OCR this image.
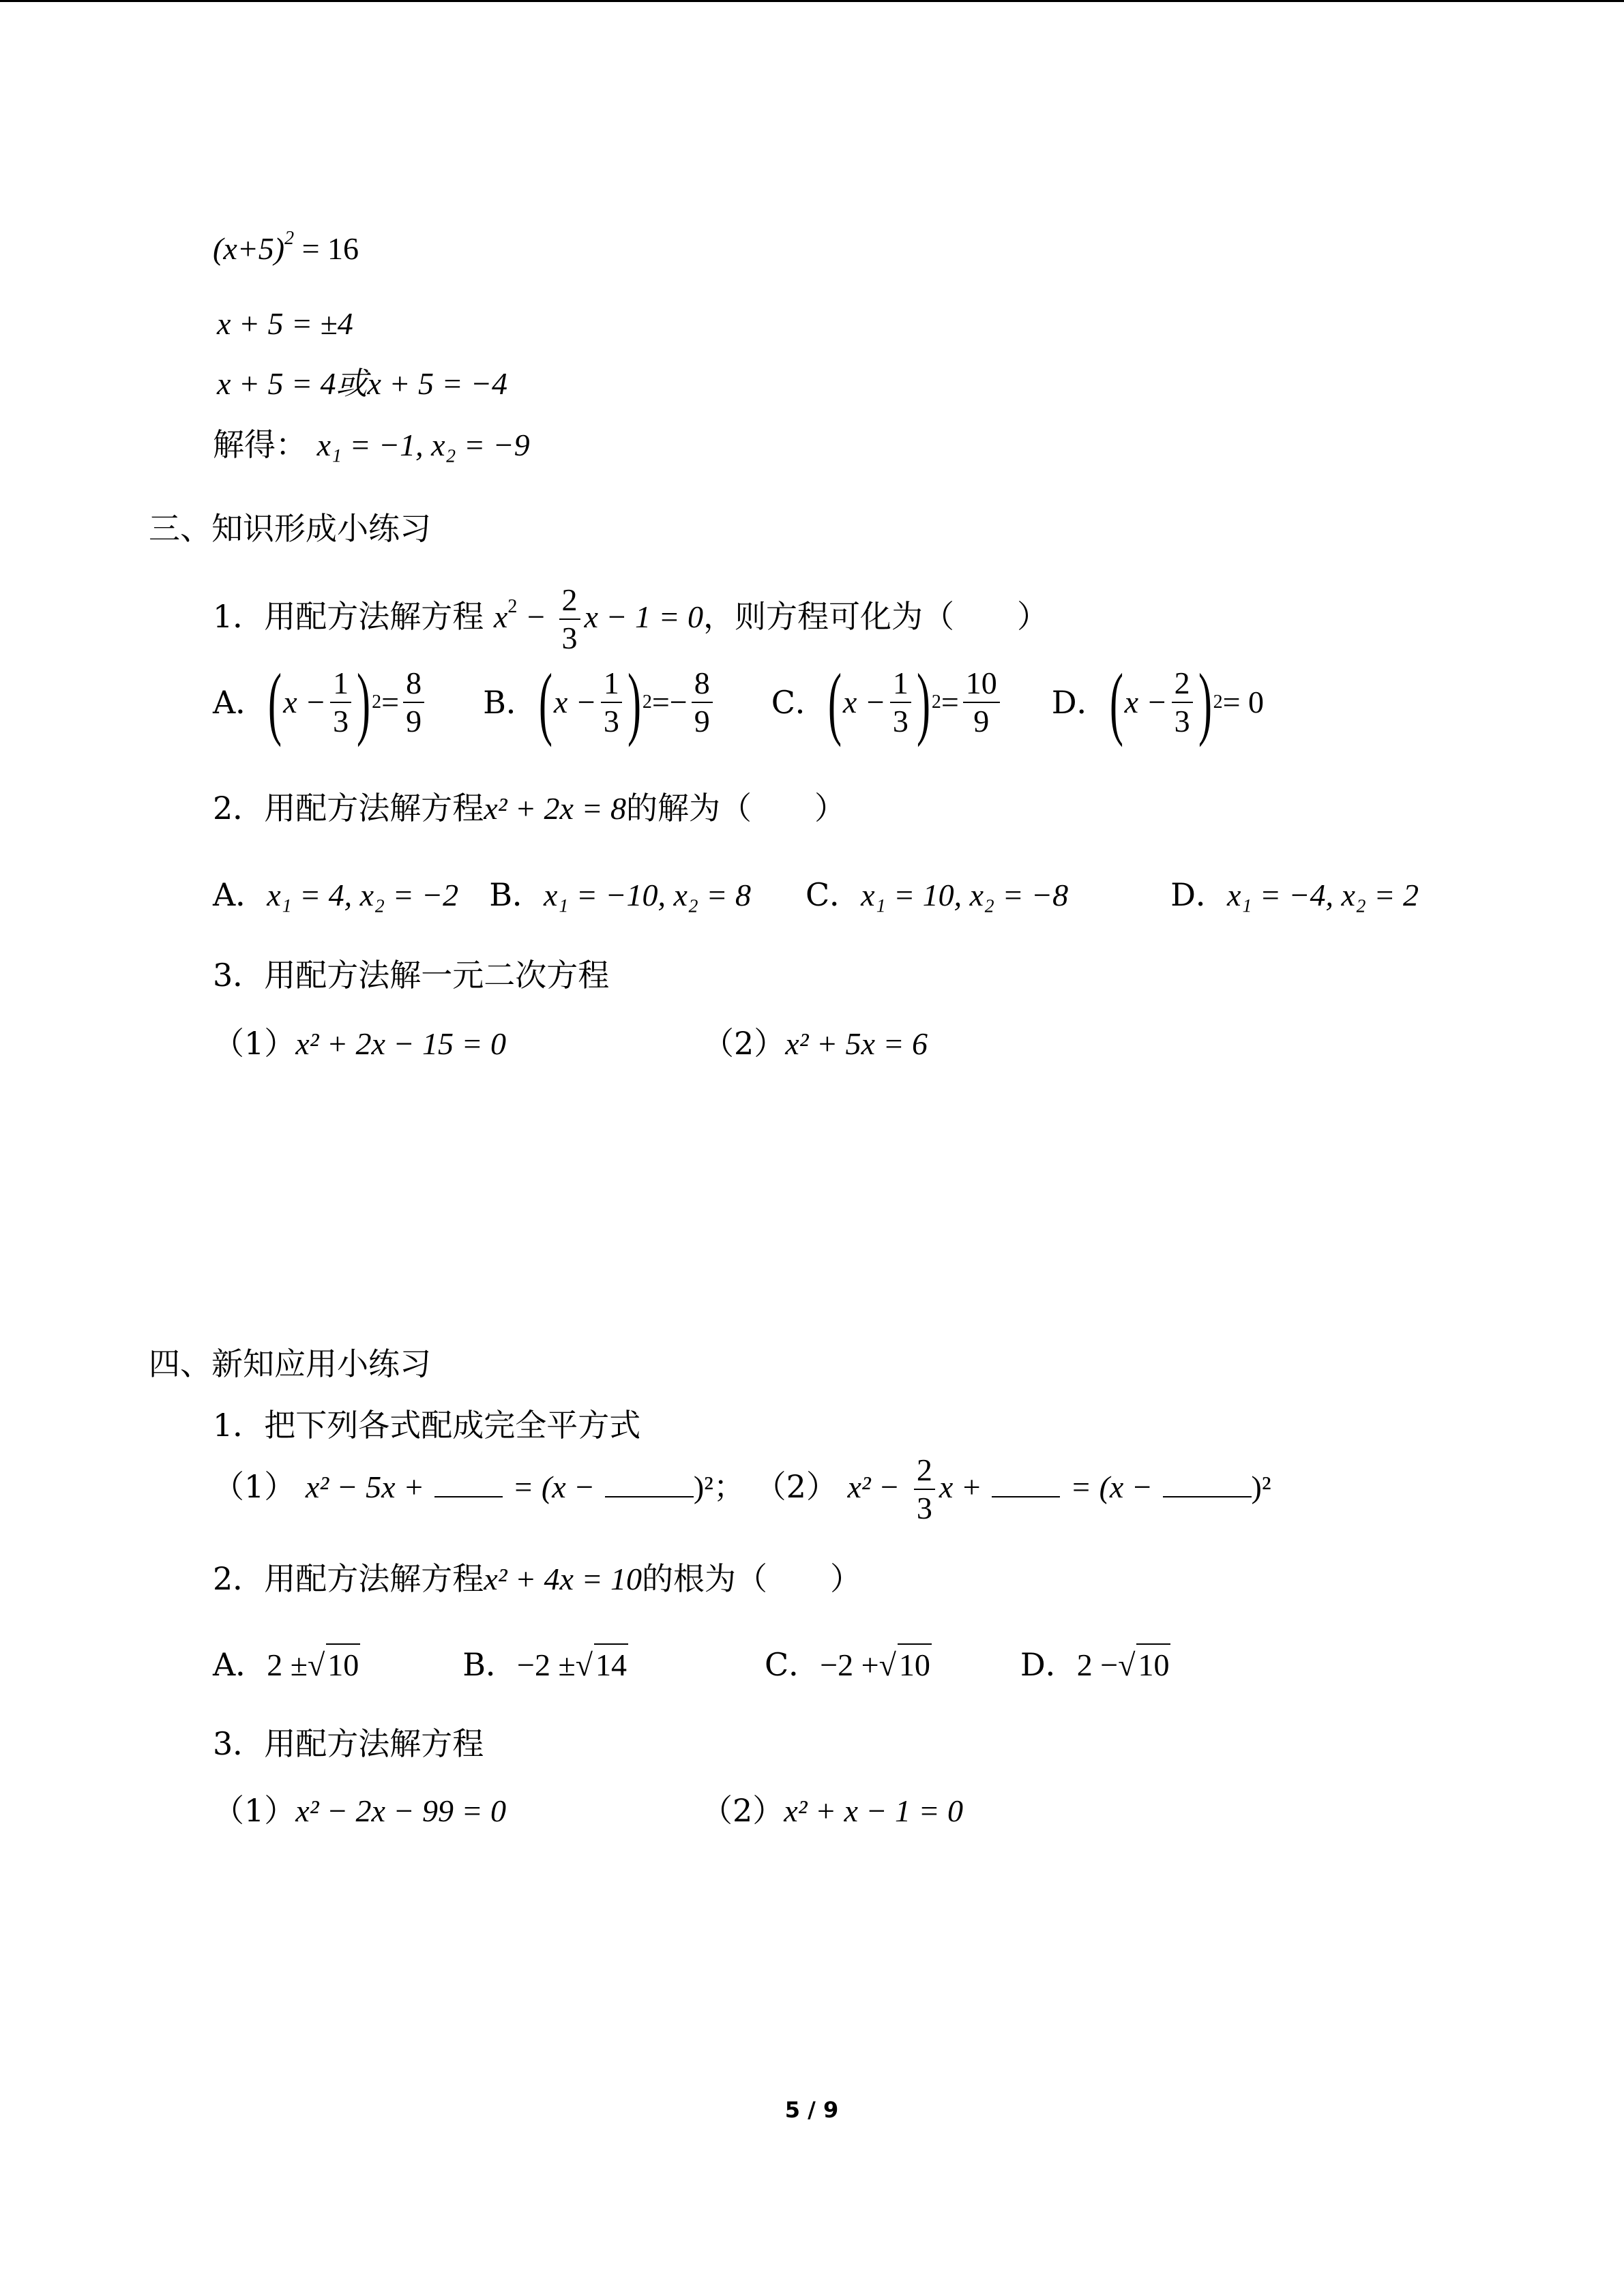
$(x+5)^2 = 16$
x + 5 = ±4
x + 5 = 4或x + 5 = −4
解得： x₁ = −1, x₂ = −9
三、知识形成小练习
1．用配方法解方程 $x^2 - \frac{2}{3}$ x − 1 = 0，则方程可化为（　　）
A． ( $x - \frac{1}{3}$ ) $2 = \frac{8}{9}$ B． ( $x - \frac{1}{3}$ ) 2 = − $\frac{8}{9}$ C． ( $x - \frac{1}{3}$ ) $2 = \frac{10}{9}$ D． ( $x - \frac{2}{3}$ ) 2 = 0
2．用配方法解方程x² + 2x = 8的解为（　　）
A．x₁ = 4, x₂ = −2 B．x₁ = −10, x₂ = 8 C．x₁ = 10, x₂ = −8	D．x₁ = −4, x₂ = 2
3．用配方法解一元二次方程
（1）x² + 2x − 15 = 0	（2）x² + 5x = 6
四、新知应用小练习
1．把下列各式配成完全平方式
（1） x² − 5x +	= (x −	)²； （2） $x^2 - \frac{2}{3}$ x +	= (x −	)²
2．用配方法解方程x² + 4x = 10的根为（　　）
A．2 ±√10	B．−2 ±√14	C．−2 +√10	D．2 −√10
3．用配方法解方程
（1）x² − 2x − 99 = 0	（2）x² + x − 1 = 0
5 / 9
